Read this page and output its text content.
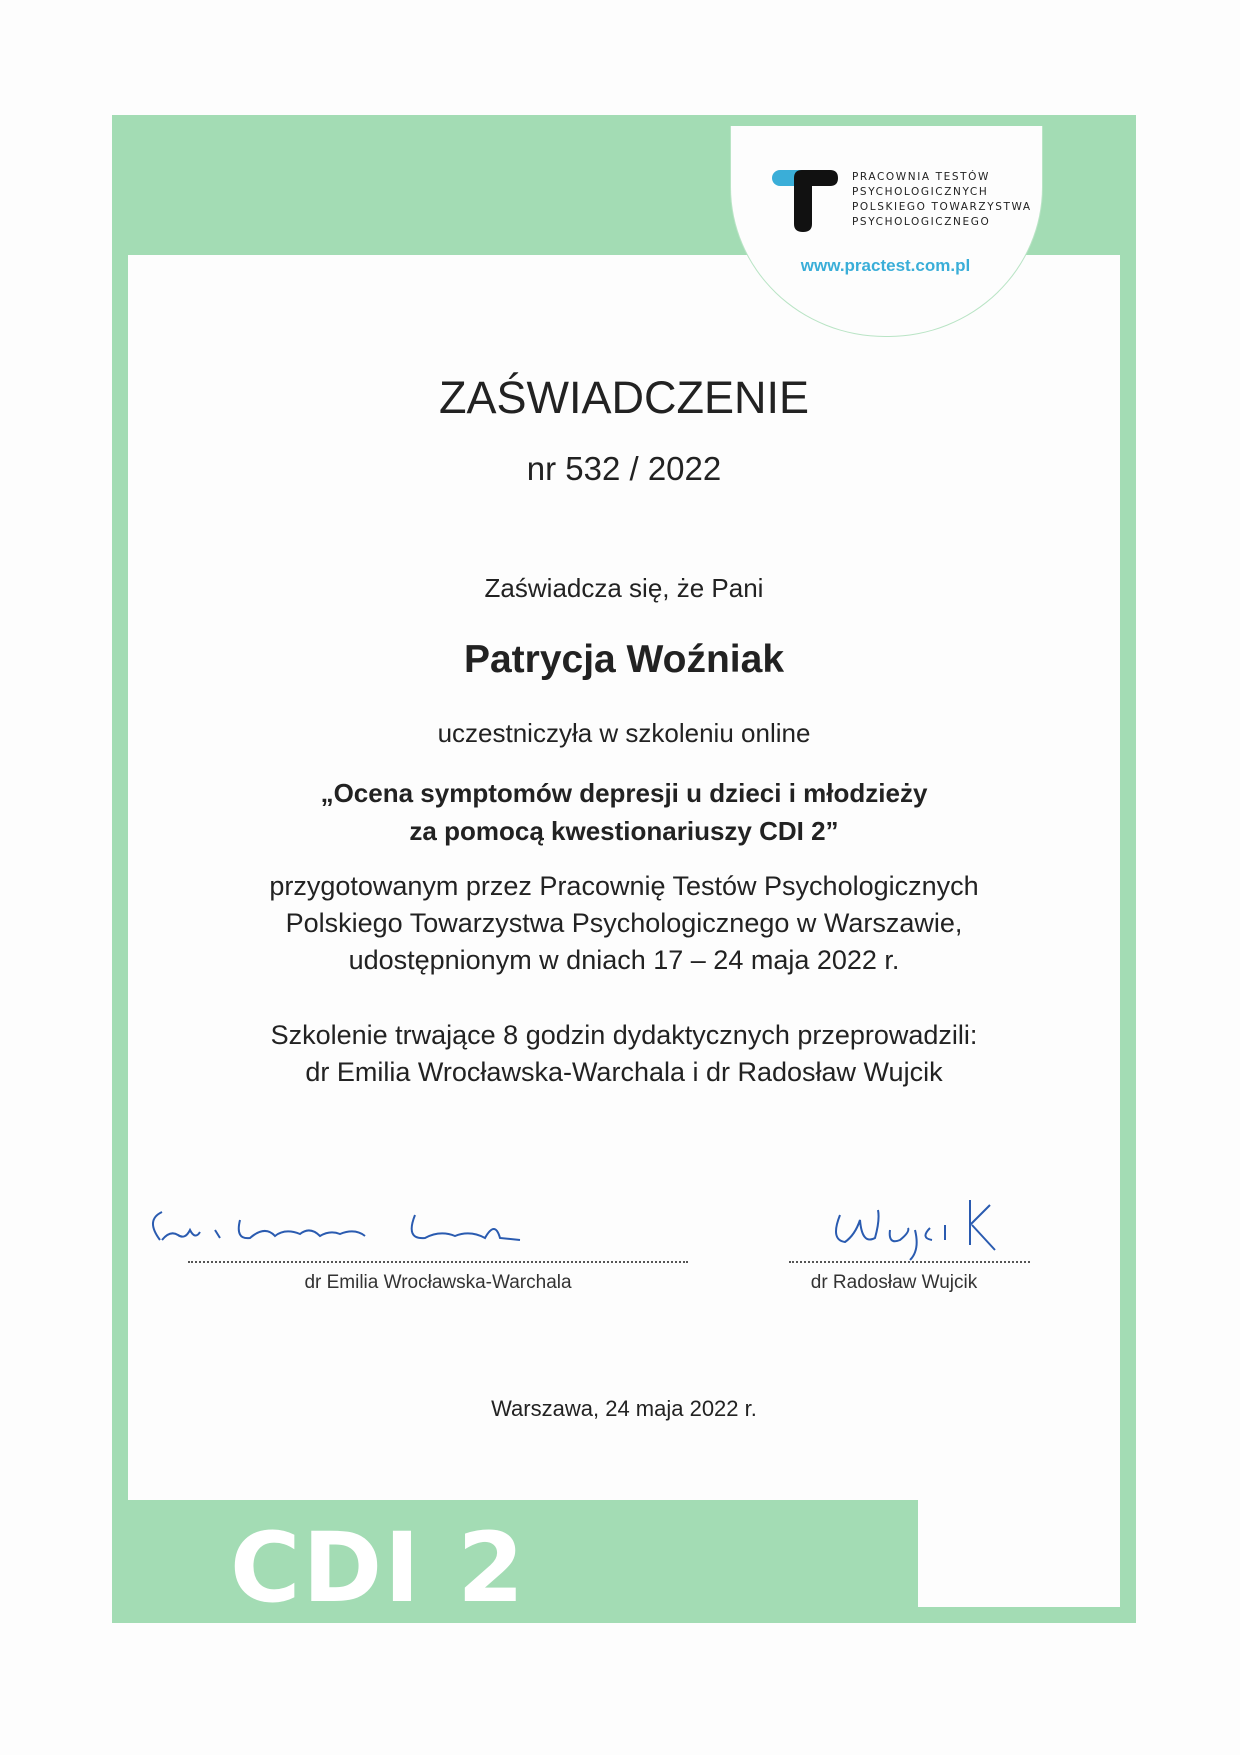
PRACOWNIA TESTÓW
PSYCHOLOGICZNYCH
POLSKIEGO TOWARZYSTWA
PSYCHOLOGICZNEGO
www.practest.com.pl
ZAŚWIADCZENIE
nr 532 / 2022
Zaświadcza się, że Pani
Patrycja Woźniak
uczestniczyła w szkoleniu online
„Ocena symptomów depresji u dzieci i młodzieży
za pomocą kwestionariuszy CDI 2”
przygotowanym przez Pracownię Testów Psychologicznych
Polskiego Towarzystwa Psychologicznego w Warszawie,
udostępnionym w dniach 17 – 24 maja 2022 r.
Szkolenie trwające 8 godzin dydaktycznych przeprowadzili:
dr Emilia Wrocławska-Warchala i dr Radosław Wujcik
dr Emilia Wrocławska-Warchala	dr Radosław Wujcik
Warszawa, 24 maja 2022 r.
CDI 2
